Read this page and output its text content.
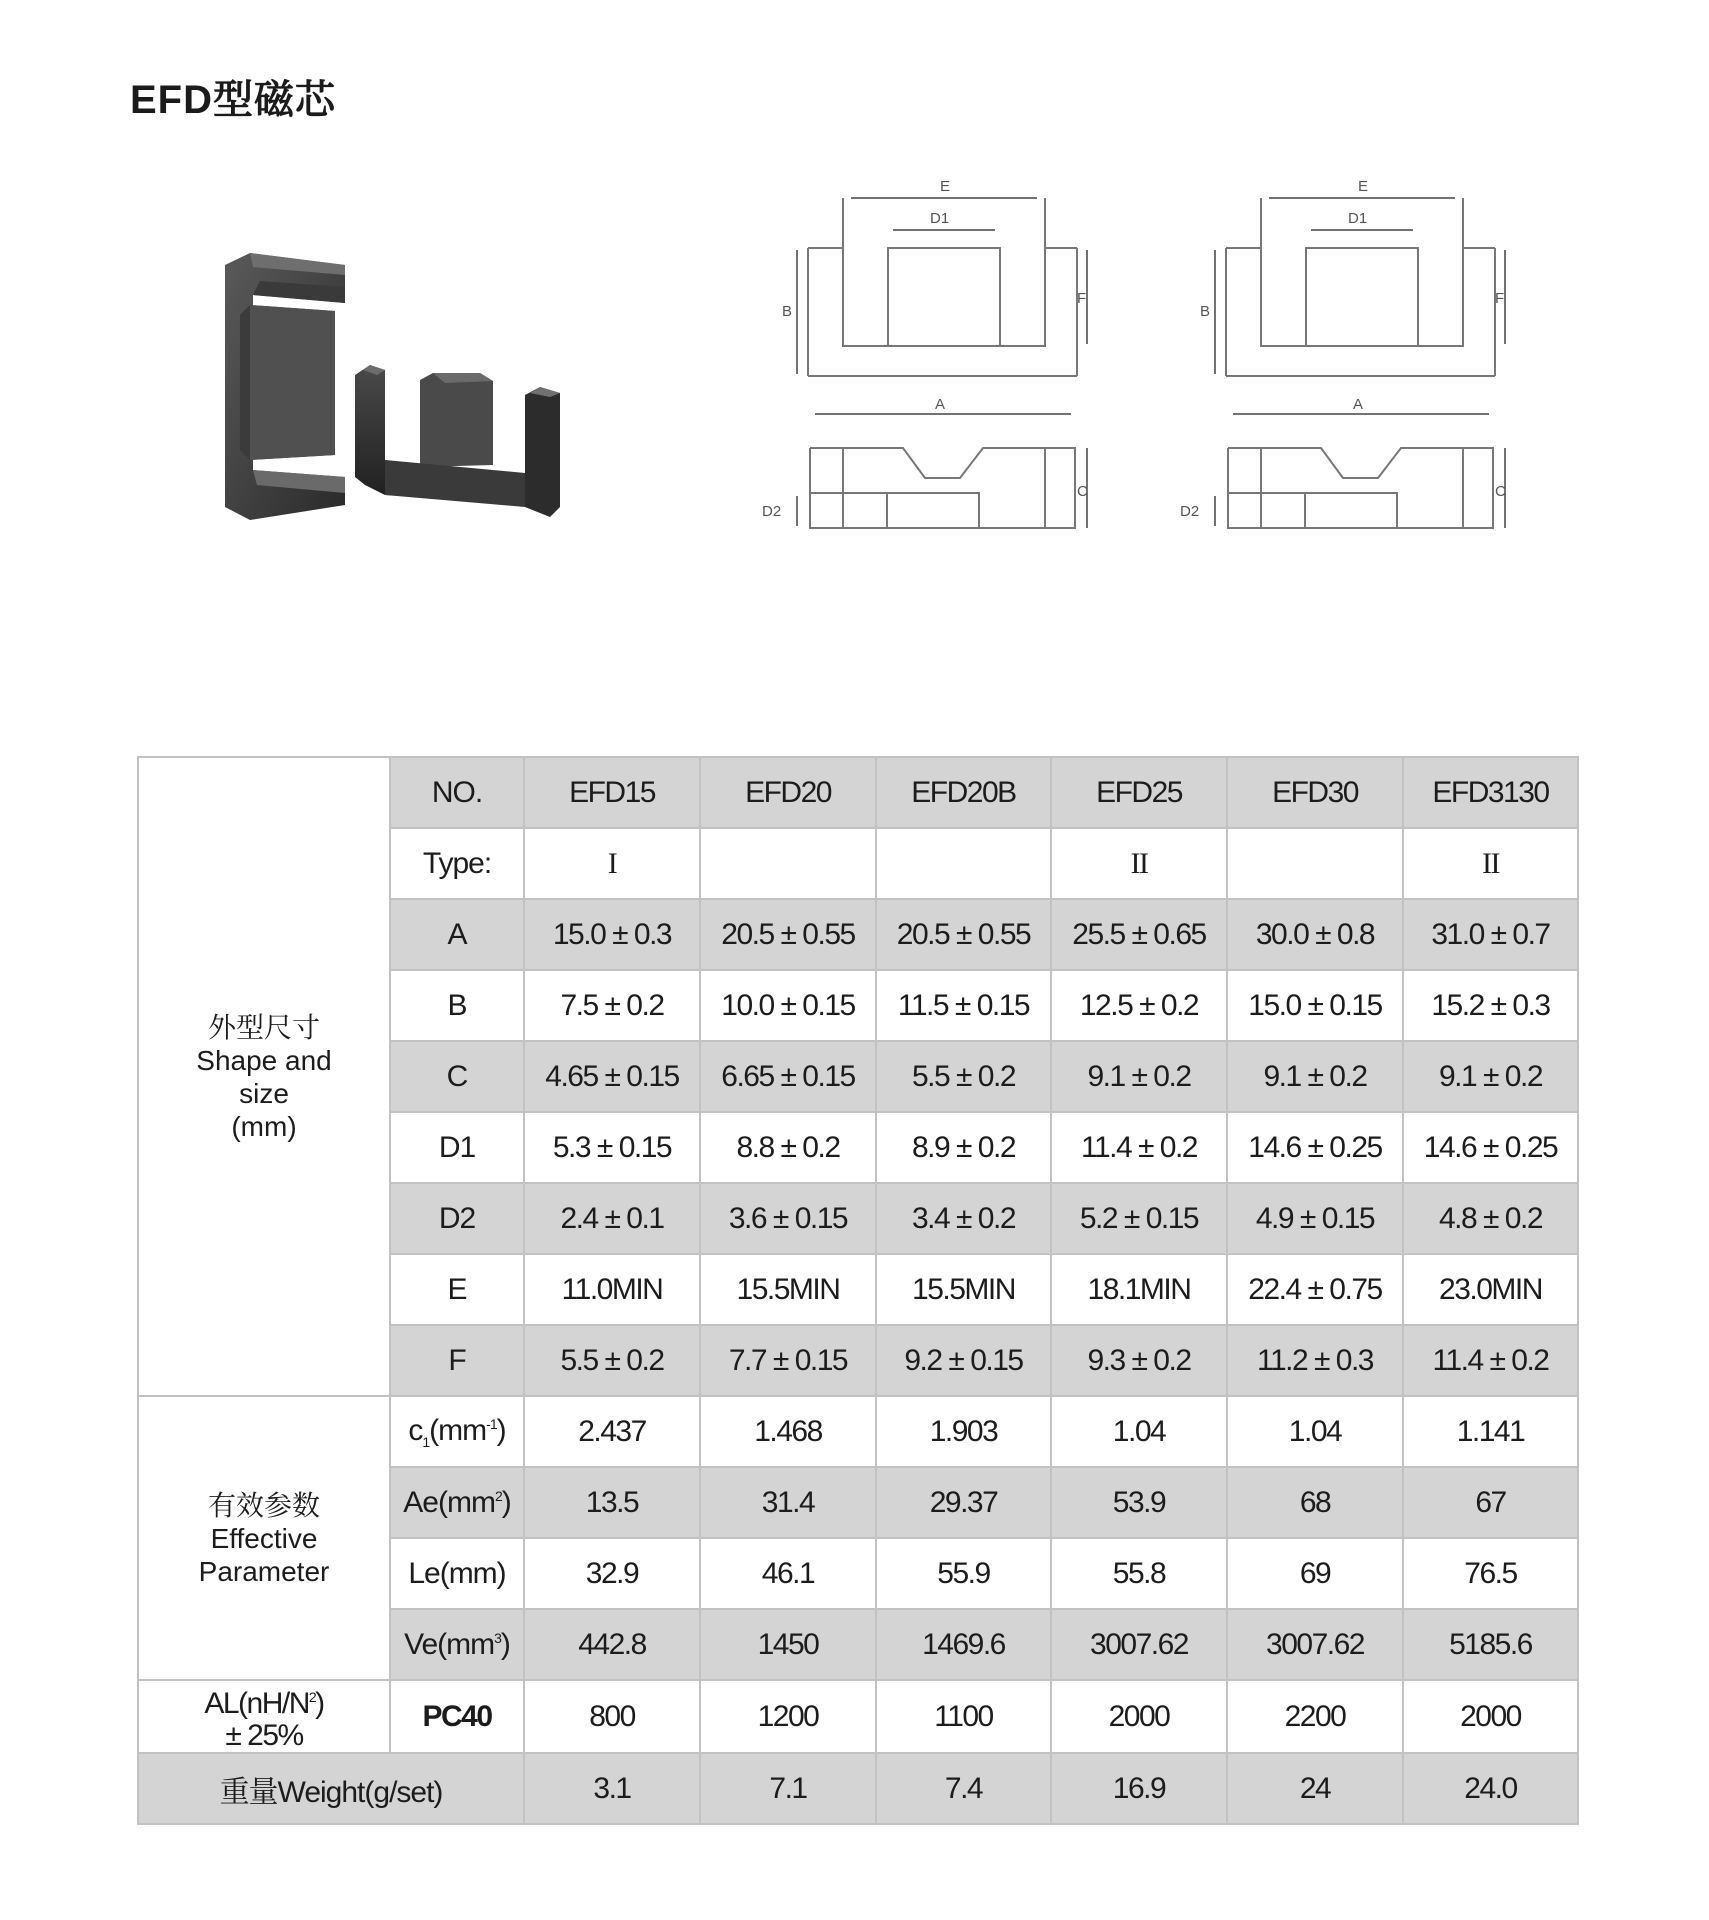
EFD型磁芯
E
D1
B
F
A
C
D2
E
D1
B
F
A
C
D2
外型尺寸
Shape and
size
(mm)	NO.	EFD15	EFD20	EFD20B	EFD25	EFD30	EFD3130
	Type:	I			II		II
	A	15.0 ± 0.3	20.5 ± 0.55	20.5 ± 0.55	25.5 ± 0.65	30.0 ± 0.8	31.0 ± 0.7
	B	7.5 ± 0.2	10.0 ± 0.15	11.5 ± 0.15	12.5 ± 0.2	15.0 ± 0.15	15.2 ± 0.3
	C	4.65 ± 0.15	6.65 ± 0.15	5.5 ± 0.2	9.1 ± 0.2	9.1 ± 0.2	9.1 ± 0.2
	D1	5.3 ± 0.15	8.8 ± 0.2	8.9 ± 0.2	11.4 ± 0.2	14.6 ± 0.25	14.6 ± 0.25
	D2	2.4 ± 0.1	3.6 ± 0.15	3.4 ± 0.2	5.2 ± 0.15	4.9 ± 0.15	4.8 ± 0.2
	E	11.0MIN	15.5MIN	15.5MIN	18.1MIN	22.4 ± 0.75	23.0MIN
	F	5.5 ± 0.2	7.7 ± 0.15	9.2 ± 0.15	9.3 ± 0.2	11.2 ± 0.3	11.4 ± 0.2

有效参数
Effective
Parameter	$c_1(mm^{-1})$	2.437	1.468	1.903	1.04	1.04	1.141
	$Ae(mm^2)$	13.5	31.4	29.37	53.9	68	67
	Le(mm)	32.9	46.1	55.9	55.8	69	76.5
	$Ve(mm^3)$	442.8	1450	1469.6	3007.62	3007.62	5185.6

$AL(nH/N^2)$
± 25%	PC40	800	1200	1100	2000	2200	2000
重量Weight(g/set)		3.1	7.1	7.4	16.9	24	24.0
